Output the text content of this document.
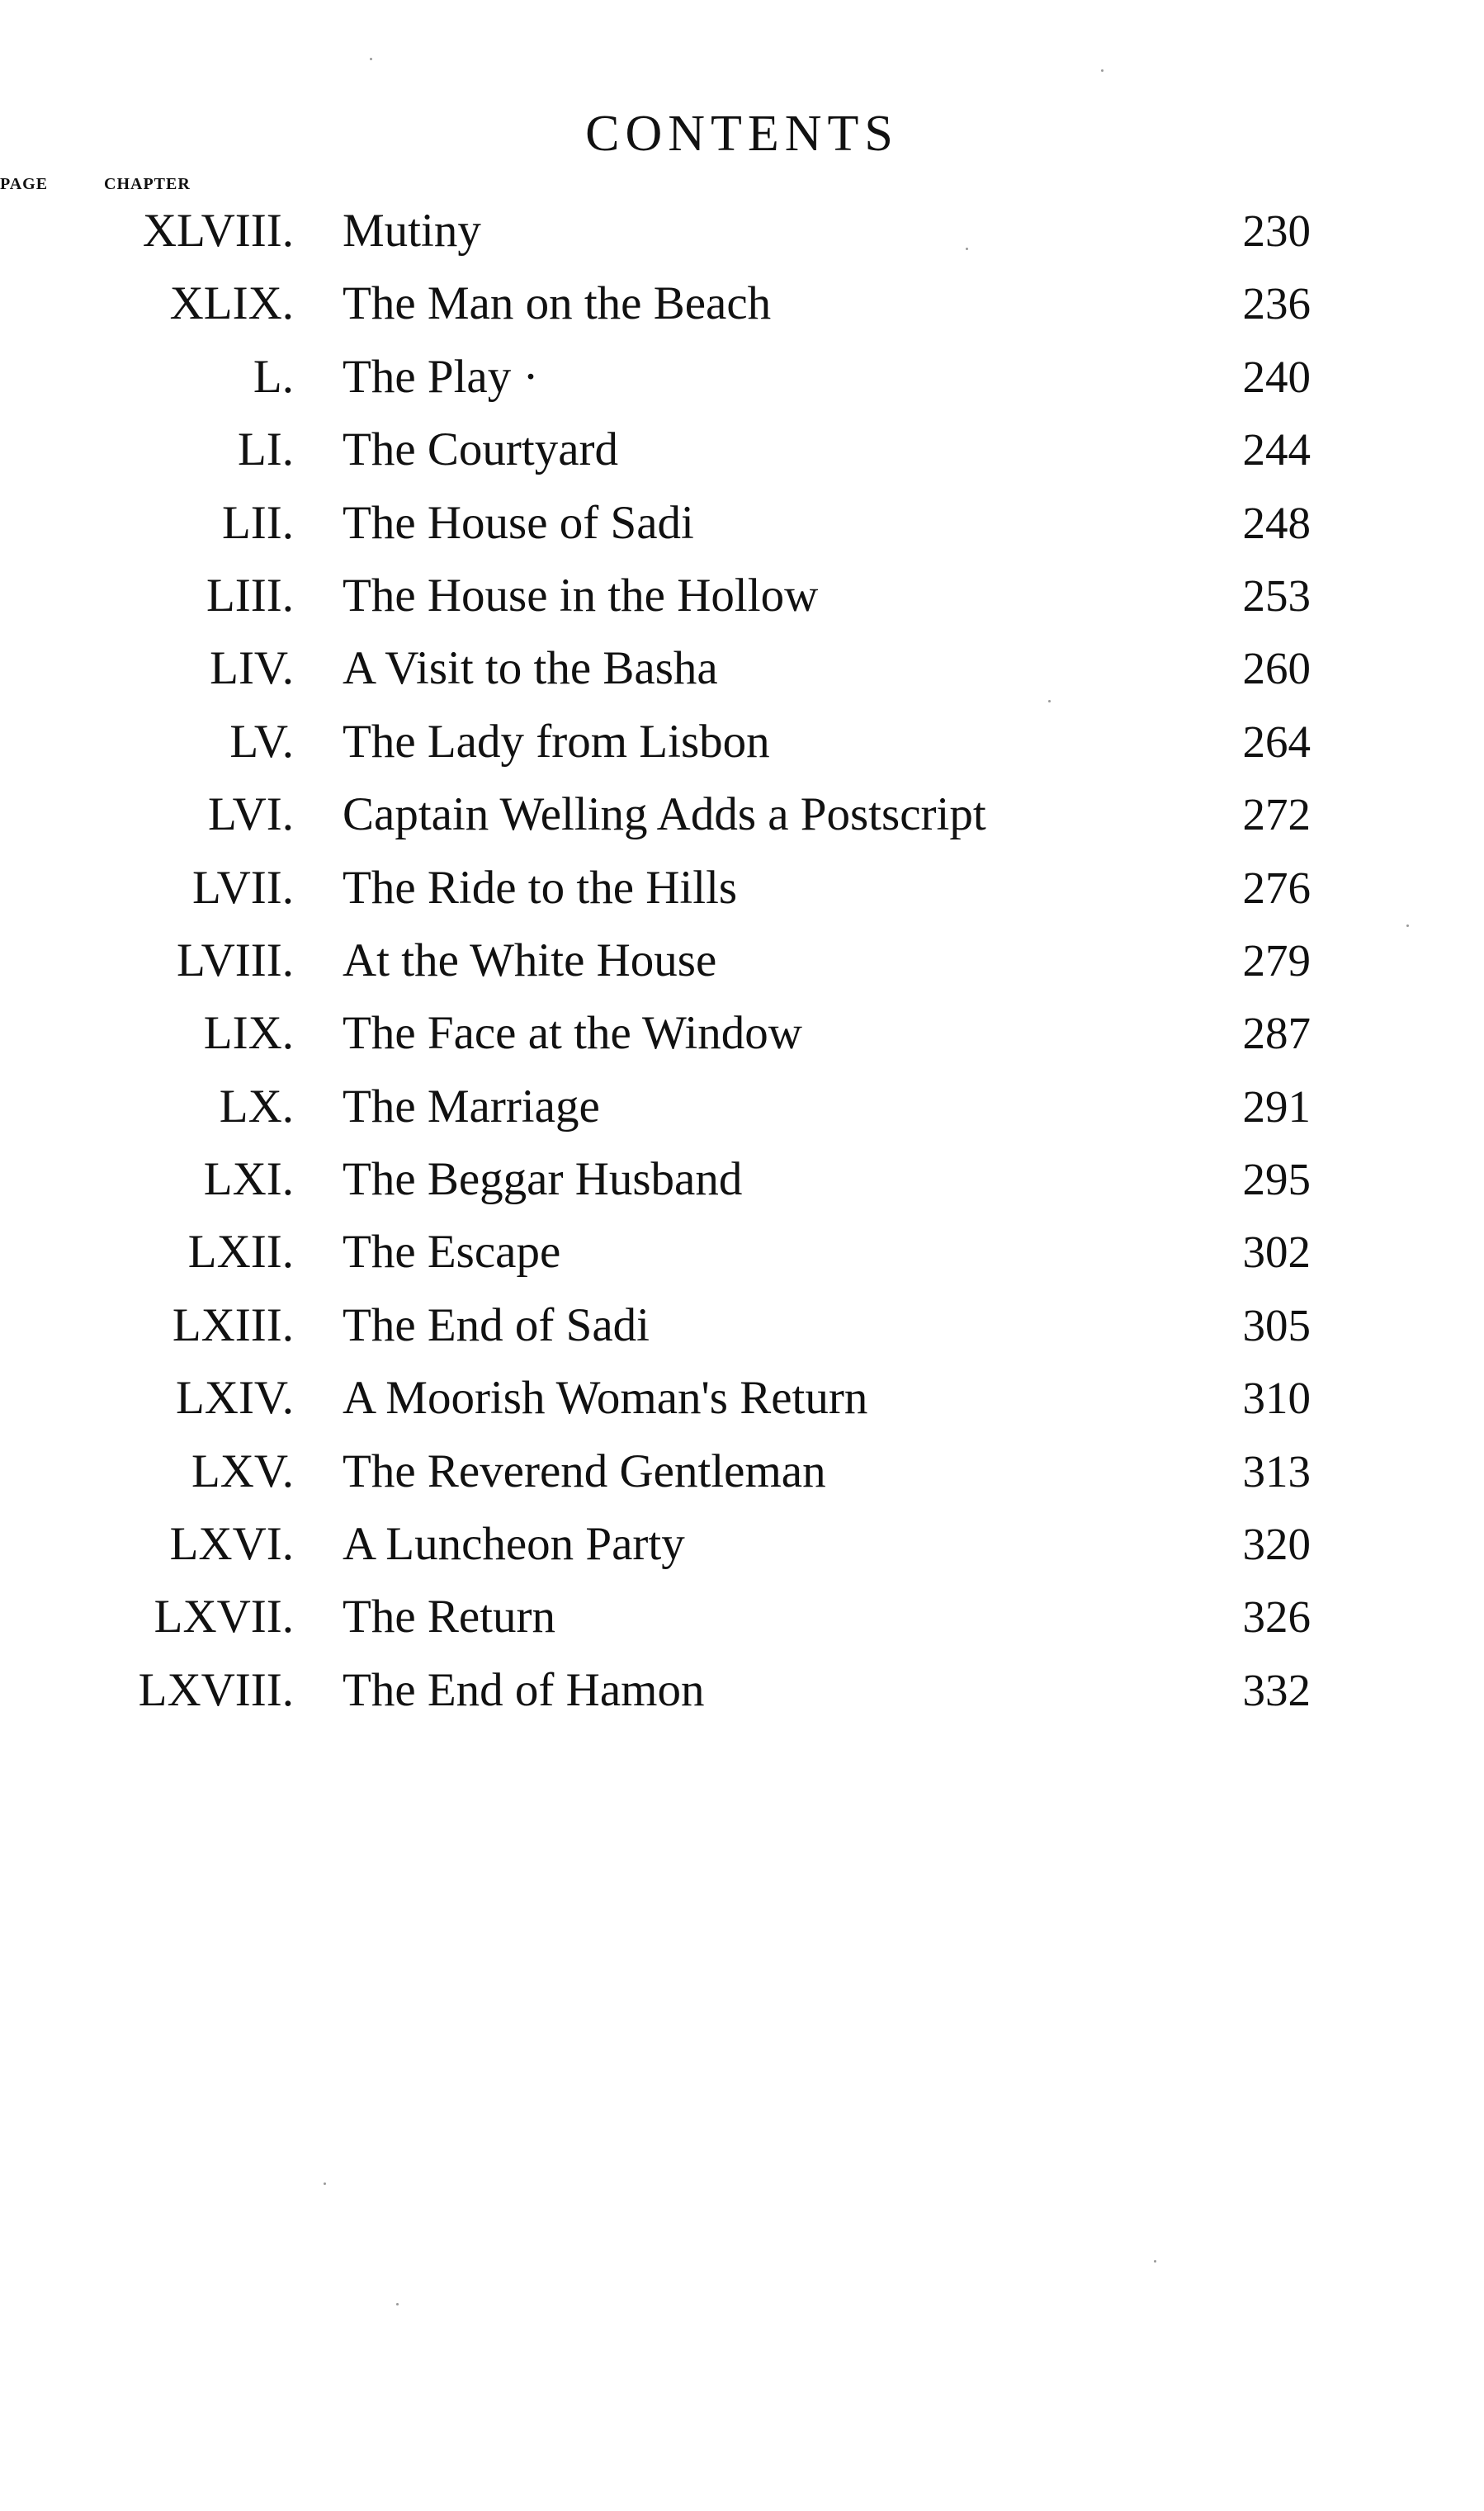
CONTENTS
CHAPTER
PAGE
XLVIII. Mutiny	230
XLIX. The Man on the Beach	236
L. The Play ·	240
LI. The Courtyard	244
LII. The House of Sadi	248
LIII. The House in the Hollow	253
LIV. A Visit to the Basha	260
LV. The Lady from Lisbon	264
LVI. Captain Welling Adds a Postscript	272
LVII. The Ride to the Hills	276
LVIII. At the White House	279
LIX. The Face at the Window	287
LX. The Marriage	291
LXI. The Beggar Husband	295
LXII. The Escape	302
LXIII. The End of Sadi	305
LXIV. A Moorish Woman's Return	310
LXV. The Reverend Gentleman	313
LXVI. A Luncheon Party	320
LXVII. The Return	326
LXVIII. The End of Hamon	332
